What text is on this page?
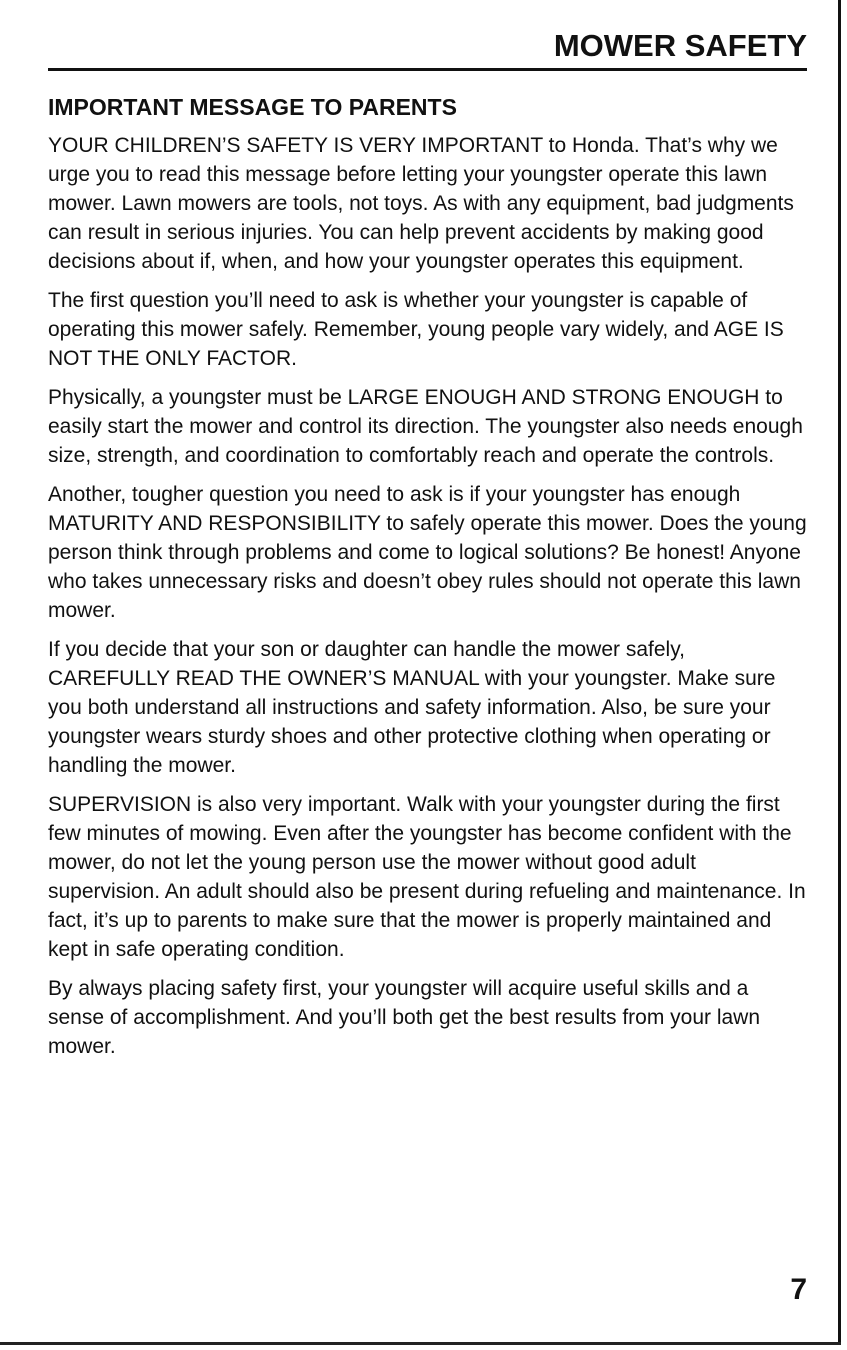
MOWER SAFETY
IMPORTANT MESSAGE TO PARENTS

YOUR CHILDREN’S SAFETY IS VERY IMPORTANT to Honda. That’s why we urge you to read this message before letting your youngster operate this lawn mower. Lawn mowers are tools, not toys. As with any equipment, bad judgments can result in serious injuries. You can help prevent accidents by making good decisions about if, when, and how your youngster operates this equipment.

The first question you’ll need to ask is whether your youngster is capable of operating this mower safely. Remember, young people vary widely, and AGE IS NOT THE ONLY FACTOR.

Physically, a youngster must be LARGE ENOUGH AND STRONG ENOUGH to easily start the mower and control its direction. The youngster also needs enough size, strength, and coordination to comfortably reach and operate the controls.

Another, tougher question you need to ask is if your youngster has enough MATURITY AND RESPONSIBILITY to safely operate this mower. Does the young person think through problems and come to logical solutions? Be honest! Anyone who takes unnecessary risks and doesn’t obey rules should not operate this lawn mower.

If you decide that your son or daughter can handle the mower safely, CAREFULLY READ THE OWNER’S MANUAL with your youngster. Make sure you both understand all instructions and safety information. Also, be sure your youngster wears sturdy shoes and other protective clothing when operating or handling the mower.

SUPERVISION is also very important. Walk with your youngster during the first few minutes of mowing. Even after the youngster has become confident with the mower, do not let the young person use the mower without good adult supervision. An adult should also be present during refueling and maintenance. In fact, it’s up to parents to make sure that the mower is properly maintained and kept in safe operating condition.

By always placing safety first, your youngster will acquire useful skills and a sense of accomplishment. And you’ll both get the best results from your lawn mower.

7
